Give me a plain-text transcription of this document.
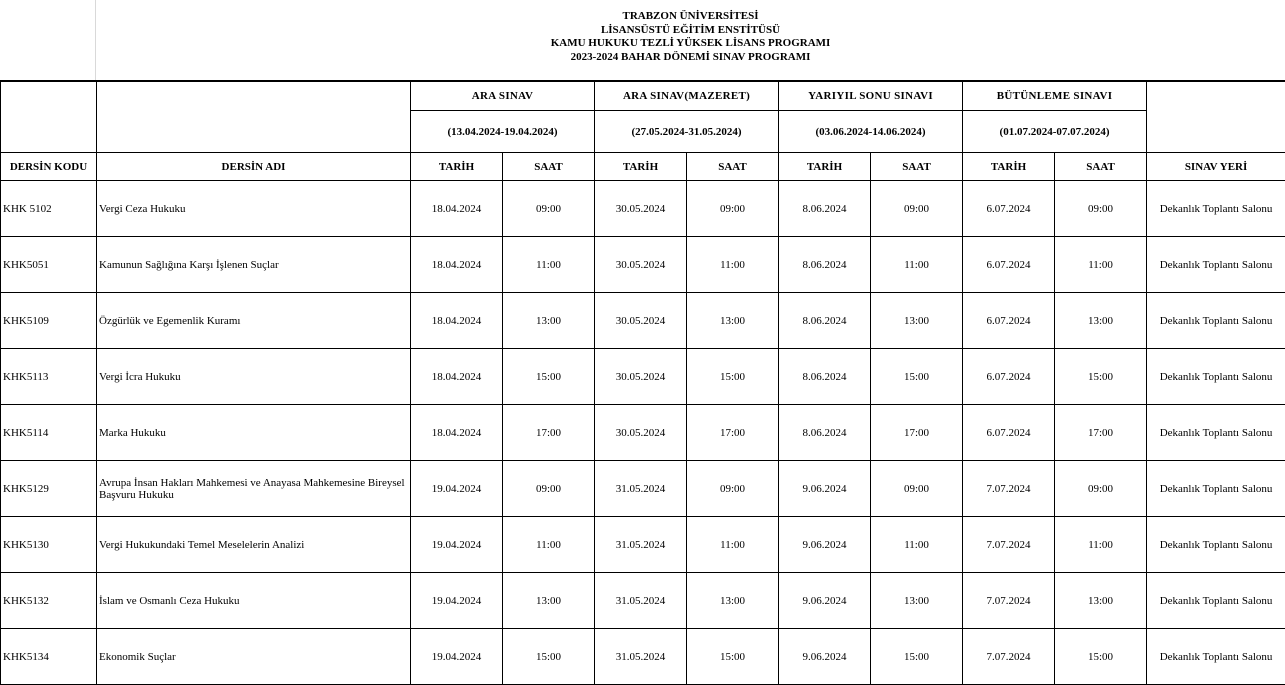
TRABZON ÜNİVERSİTESİ
LİSANSÜSTÜ EĞİTİM ENSTİTÜSÜ
KAMU HUKUKU TEZLİ YÜKSEK LİSANS PROGRAMI
2023-2024 BAHAR DÖNEMİ SINAV PROGRAMI
		ARA SINAV		ARA SINAV(MAZERET)		YARIYIL SONU SINAVI		BÜTÜNLEME SINAVI		
		(13.04.2024-19.04.2024)		(27.05.2024-31.05.2024)		(03.06.2024-14.06.2024)		(01.07.2024-07.07.2024)		
DERSİN KODU	DERSİN ADI	TARİH	SAAT	TARİH	SAAT	TARİH	SAAT	TARİH	SAAT	SINAV YERİ
KHK 5102	Vergi Ceza Hukuku	18.04.2024	09:00	30.05.2024	09:00	8.06.2024	09:00	6.07.2024	09:00	Dekanlık Toplantı Salonu
KHK5051	Kamunun Sağlığına Karşı İşlenen Suçlar	18.04.2024	11:00	30.05.2024	11:00	8.06.2024	11:00	6.07.2024	11:00	Dekanlık Toplantı Salonu
KHK5109	Özgürlük ve Egemenlik Kuramı	18.04.2024	13:00	30.05.2024	13:00	8.06.2024	13:00	6.07.2024	13:00	Dekanlık Toplantı Salonu
KHK5113	Vergi İcra Hukuku	18.04.2024	15:00	30.05.2024	15:00	8.06.2024	15:00	6.07.2024	15:00	Dekanlık Toplantı Salonu
KHK5114	Marka Hukuku	18.04.2024	17:00	30.05.2024	17:00	8.06.2024	17:00	6.07.2024	17:00	Dekanlık Toplantı Salonu
KHK5129	Avrupa İnsan Hakları Mahkemesi ve Anayasa Mahkemesine Bireysel Başvuru Hukuku	19.04.2024	09:00	31.05.2024	09:00	9.06.2024	09:00	7.07.2024	09:00	Dekanlık Toplantı Salonu
KHK5130	Vergi Hukukundaki Temel Meselelerin Analizi	19.04.2024	11:00	31.05.2024	11:00	9.06.2024	11:00	7.07.2024	11:00	Dekanlık Toplantı Salonu
KHK5132	İslam ve Osmanlı Ceza Hukuku	19.04.2024	13:00	31.05.2024	13:00	9.06.2024	13:00	7.07.2024	13:00	Dekanlık Toplantı Salonu
KHK5134	Ekonomik Suçlar	19.04.2024	15:00	31.05.2024	15:00	9.06.2024	15:00	7.07.2024	15:00	Dekanlık Toplantı Salonu
